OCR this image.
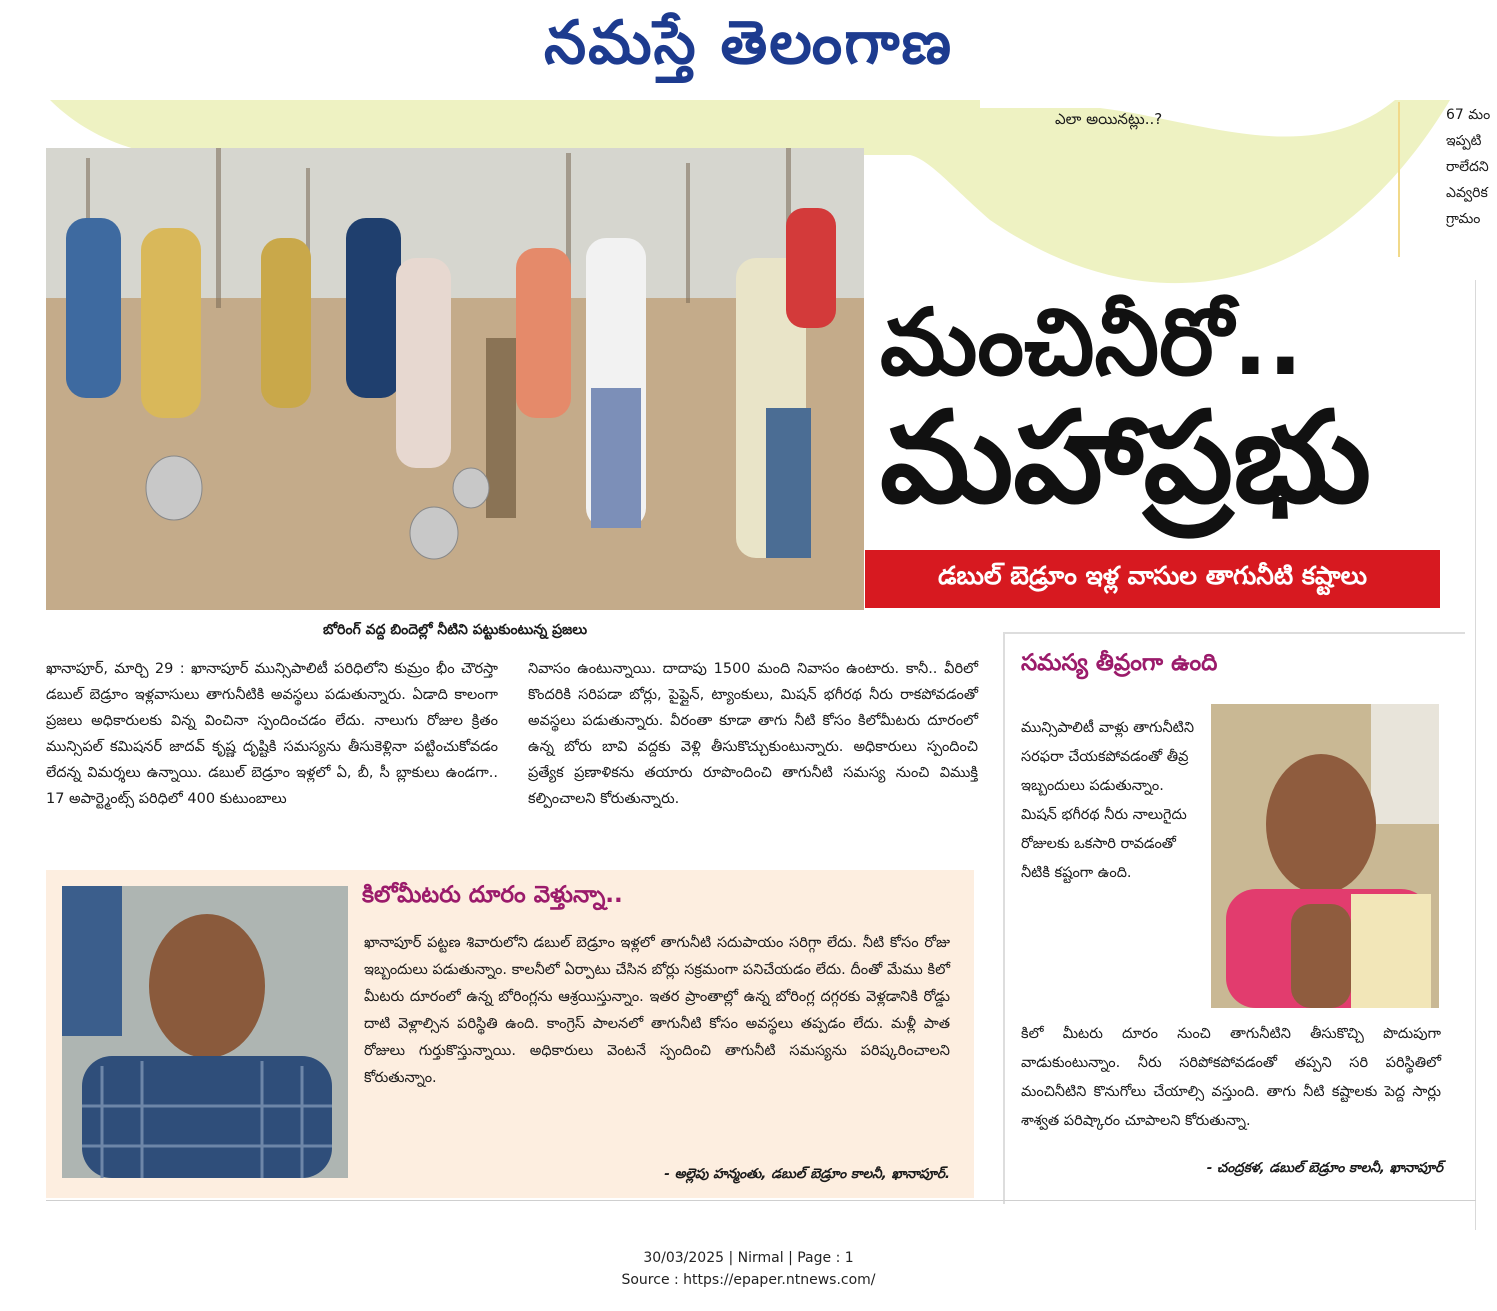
నమస్తే తెలంగాణ
ఎలా అయినట్లు..?	67 మం
ఇప్పటి
రాలేదని
ఎవ్వరిక
గ్రామం
బోరింగ్ వద్ద బిందెల్లో నీటిని పట్టుకుంటున్న ప్రజలు
మంచినీరో..
మహాప్రభు
డబుల్ బెడ్రూం ఇళ్ల వాసుల తాగునీటి కష్టాలు
ఖానాపూర్, మార్చి 29 : ఖానాపూర్ మున్సిపాలిటీ పరిధిలోని కుమ్రం భీం చౌరస్తా డబుల్ బెడ్రూం ఇళ్లవాసులు తాగునీటికి అవస్థలు పడుతున్నారు. ఏడాది కాలంగా ప్రజలు అధికారులకు విన్న వించినా స్పందించడం లేదు. నాలుగు రోజుల క్రితం మున్సిపల్ కమిషనర్ జాదవ్ కృష్ణ దృష్టికి సమస్యను తీసుకెళ్లినా పట్టించుకోవడం లేదన్న విమర్శలు ఉన్నాయి. డబుల్ బెడ్రూం ఇళ్లలో ఏ, బీ, సీ బ్లాకులు ఉండగా.. 17 అపార్ట్మెంట్స్ పరిధిలో 400 కుటుంబాలు
నివాసం ఉంటున్నాయి. దాదాపు 1500 మంది నివాసం ఉంటారు. కానీ.. వీరిలో కొందరికి సరిపడా బోర్లు, పైప్లైన్, ట్యాంకులు, మిషన్ భగీరథ నీరు రాకపోవడంతో అవస్థలు పడుతున్నారు. వీరంతా కూడా తాగు నీటి కోసం కిలోమీటరు దూరంలో ఉన్న బోరు బావి వద్దకు వెళ్లి తీసుకొచ్చుకుంటున్నారు. అధికారులు స్పందించి ప్రత్యేక ప్రణాళికను తయారు రూపొందించి తాగునీటి సమస్య నుంచి విముక్తి కల్పించాలని కోరుతున్నారు.
కిలోమీటరు దూరం వెళ్తున్నా..
ఖానాపూర్ పట్టణ శివారులోని డబుల్ బెడ్రూం ఇళ్లలో తాగునీటి సదుపాయం సరిగ్గా లేదు. నీటి కోసం రోజు ఇబ్బందులు పడుతున్నాం. కాలనీలో ఏర్పాటు చేసిన బోర్లు సక్రమంగా పనిచేయడం లేదు. దీంతో మేము కిలో మీటరు దూరంలో ఉన్న బోరింగ్లను ఆశ్రయిస్తున్నాం. ఇతర ప్రాంతాల్లో ఉన్న బోరింగ్ల దగ్గరకు వెళ్లడానికి రోడ్డు దాటి వెళ్లాల్సిన పరిస్థితి ఉంది. కాంగ్రెస్ పాలనలో తాగునీటి కోసం అవస్థలు తప్పడం లేదు. మళ్లీ పాత రోజులు గుర్తుకొస్తున్నాయి. అధికారులు వెంటనే స్పందించి తాగునీటి సమస్యను పరిష్కరించాలని కోరుతున్నాం.
- అల్లెపు హన్మంతు, డబుల్ బెడ్రూం కాలనీ, ఖానాపూర్.
సమస్య తీవ్రంగా ఉంది
మున్సిపాలిటీ వాళ్లు తాగునీటిని సరఫరా చేయకపోవడంతో తీవ్ర ఇబ్బందులు పడుతున్నాం. మిషన్ భగీరథ నీరు నాలుగైదు రోజులకు ఒకసారి రావడంతో నీటికి కష్టంగా ఉంది.
కిలో మీటరు దూరం నుంచి తాగునీటిని తీసుకొచ్చి పొదుపుగా వాడుకుంటున్నాం. నీరు సరిపోకపోవడంతో తప్పని సరి పరిస్థితిలో మంచినీటిని కొనుగోలు చేయాల్సి వస్తుంది. తాగు నీటి కష్టాలకు పెద్ద సార్లు శాశ్వత పరిష్కారం చూపాలని కోరుతున్నా.
- చంద్రకళ, డబుల్ బెడ్రూం కాలనీ, ఖానాపూర్
30/03/2025 | Nirmal | Page : 1
Source : https://epaper.ntnews.com/
